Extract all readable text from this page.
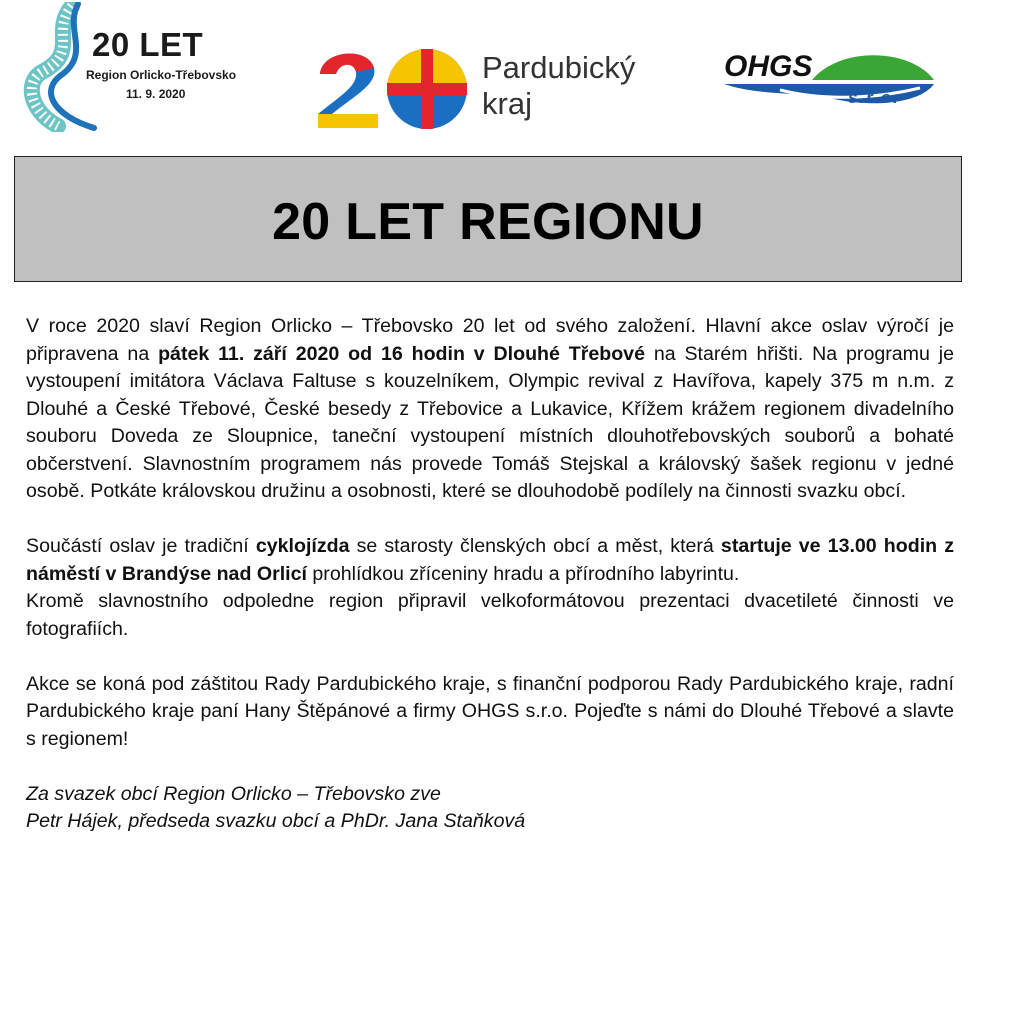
20 LET
Region Orlicko-Třebovsko
11. 9. 2020
Pardubický
kraj
OHGS
s.r.o.
20 LET REGIONU

V roce 2020 slaví Region Orlicko – Třebovsko 20 let od svého založení. Hlavní akce oslav výročí je připravena na pátek 11. září 2020 od 16 hodin v Dlouhé Třebové na Starém hřišti. Na programu je vystoupení imitátora Václava Faltuse s kouzelníkem, Olympic revival z Havířova, kapely 375 m n.m. z Dlouhé a České Třebové, České besedy z Třebovice a Lukavice, Křížem krážem regionem divadelního souboru Doveda ze Sloupnice, taneční vystoupení místních dlouhotřebovských souborů a bohaté občerstvení. Slavnostním programem nás provede Tomáš Stejskal a královský šašek regionu v jedné osobě. Potkáte královskou družinu a osobnosti, které se dlouhodobě podílely na činnosti svazku obcí.

Součástí oslav je tradiční cyklojízda se starosty členských obcí a měst, která startuje ve 13.00 hodin z náměstí v Brandýse nad Orlicí prohlídkou zříceniny hradu a přírodního labyrintu.

Kromě slavnostního odpoledne region připravil velkoformátovou prezentaci dvacetileté činnosti ve fotografiích.

Akce se koná pod záštitou Rady Pardubického kraje, s finanční podporou Rady Pardubického kraje, radní Pardubického kraje paní Hany Štěpánové a firmy OHGS s.r.o. Pojeďte s námi do Dlouhé Třebové a slavte s regionem!

Za svazek obcí Region Orlicko – Třebovsko zve

Petr Hájek, předseda svazku obcí a PhDr. Jana Staňková
